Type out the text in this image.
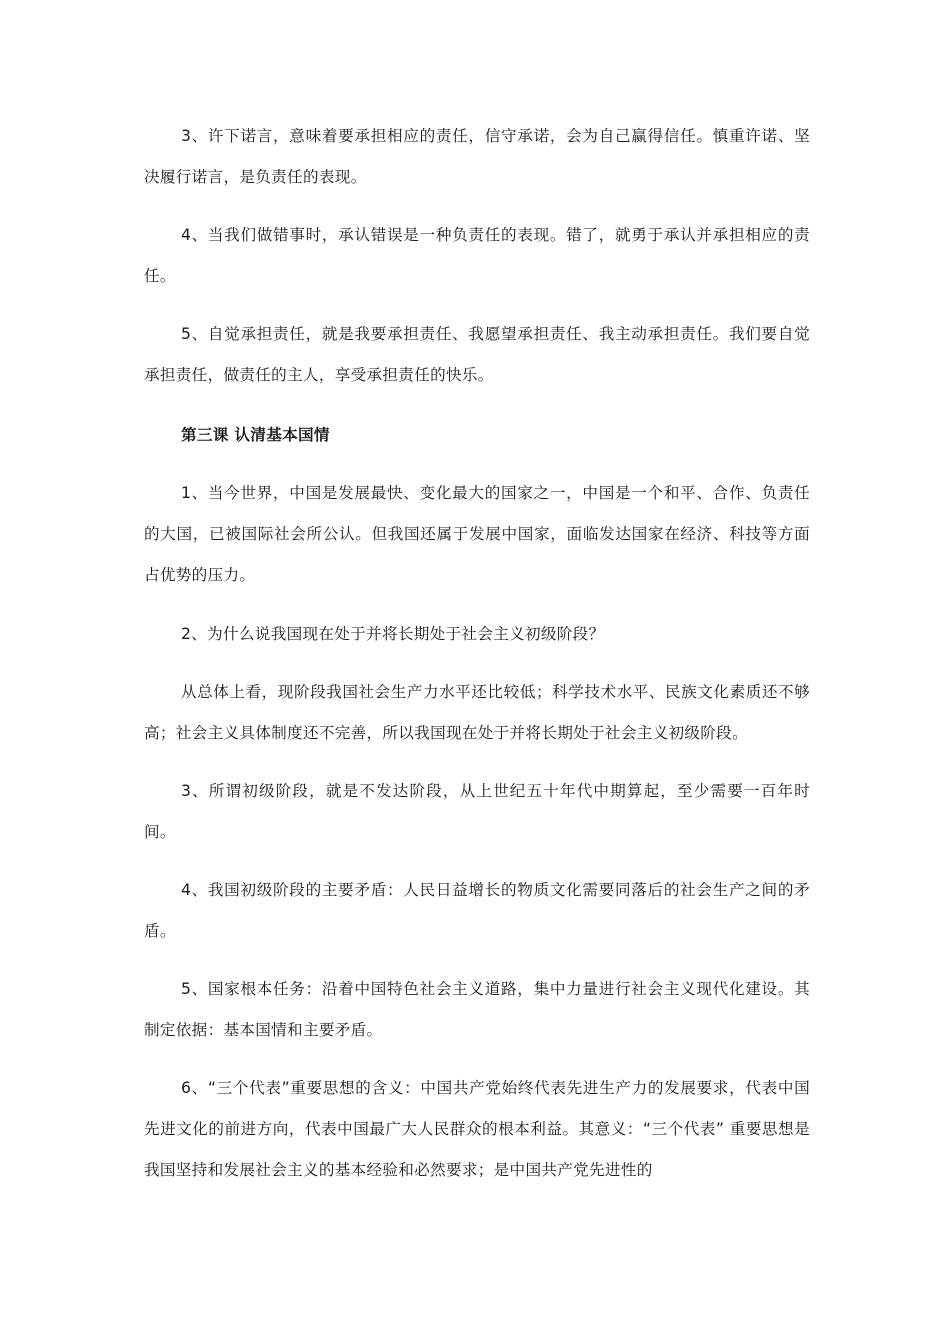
3、许下诺言，意味着要承担相应的责任，信守承诺，会为自己赢得信任。慎重许诺、坚决履行诺言，是负责任的表现。

4、当我们做错事时，承认错误是一种负责任的表现。错了，就勇于承认并承担相应的责任。

5、自觉承担责任，就是我要承担责任、我愿望承担责任、我主动承担责任。我们要自觉承担责任，做责任的主人，享受承担责任的快乐。

第三课 认清基本国情

1、当今世界，中国是发展最快、变化最大的国家之一，中国是一个和平、合作、负责任的大国，已被国际社会所公认。但我国还属于发展中国家，面临发达国家在经济、科技等方面占优势的压力。

2、为什么说我国现在处于并将长期处于社会主义初级阶段？

从总体上看，现阶段我国社会生产力水平还比较低；科学技术水平、民族文化素质还不够高；社会主义具体制度还不完善，所以我国现在处于并将长期处于社会主义初级阶段。

3、所谓初级阶段，就是不发达阶段，从上世纪五十年代中期算起，至少需要一百年时间。

4、我国初级阶段的主要矛盾：人民日益增长的物质文化需要同落后的社会生产之间的矛盾。

5、国家根本任务：沿着中国特色社会主义道路，集中力量进行社会主义现代化建设。其制定依据：基本国情和主要矛盾。

6、“三个代表”重要思想的含义：中国共产党始终代表先进生产力的发展要求，代表中国先进文化的前进方向，代表中国最广大人民群众的根本利益。其意义：“三个代表” 重要思想是我国坚持和发展社会主义的基本经验和必然要求；是中国共产党先进性的
